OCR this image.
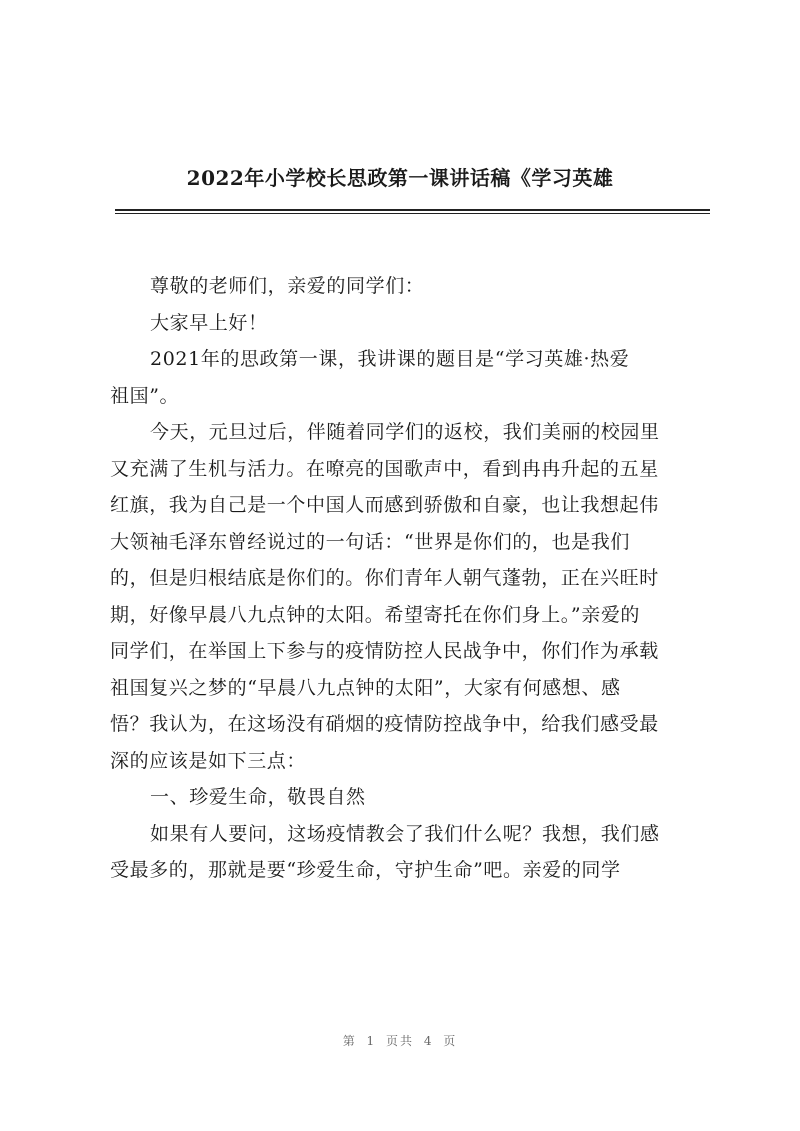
2022年小学校长思政第一课讲话稿《学习英雄
尊敬的老师们，亲爱的同学们：
大家早上好！
2021年的思政第一课，我讲课的题目是“学习英雄·热爱
祖国”。
今天，元旦过后，伴随着同学们的返校，我们美丽的校园里
又充满了生机与活力。在嘹亮的国歌声中，看到冉冉升起的五星
红旗，我为自己是一个中国人而感到骄傲和自豪，也让我想起伟
大领袖毛泽东曾经说过的一句话：“世界是你们的，也是我们
的，但是归根结底是你们的。你们青年人朝气蓬勃，正在兴旺时
期，好像早晨八九点钟的太阳。希望寄托在你们身上。”亲爱的
同学们，在举国上下参与的疫情防控人民战争中，你们作为承载
祖国复兴之梦的“早晨八九点钟的太阳”，大家有何感想、感
悟？我认为，在这场没有硝烟的疫情防控战争中，给我们感受最
深的应该是如下三点：
一、珍爱生命，敬畏自然
如果有人要问，这场疫情教会了我们什么呢？我想，我们感
受最多的，那就是要“珍爱生命，守护生命”吧。亲爱的同学
第 1 页共 4 页
